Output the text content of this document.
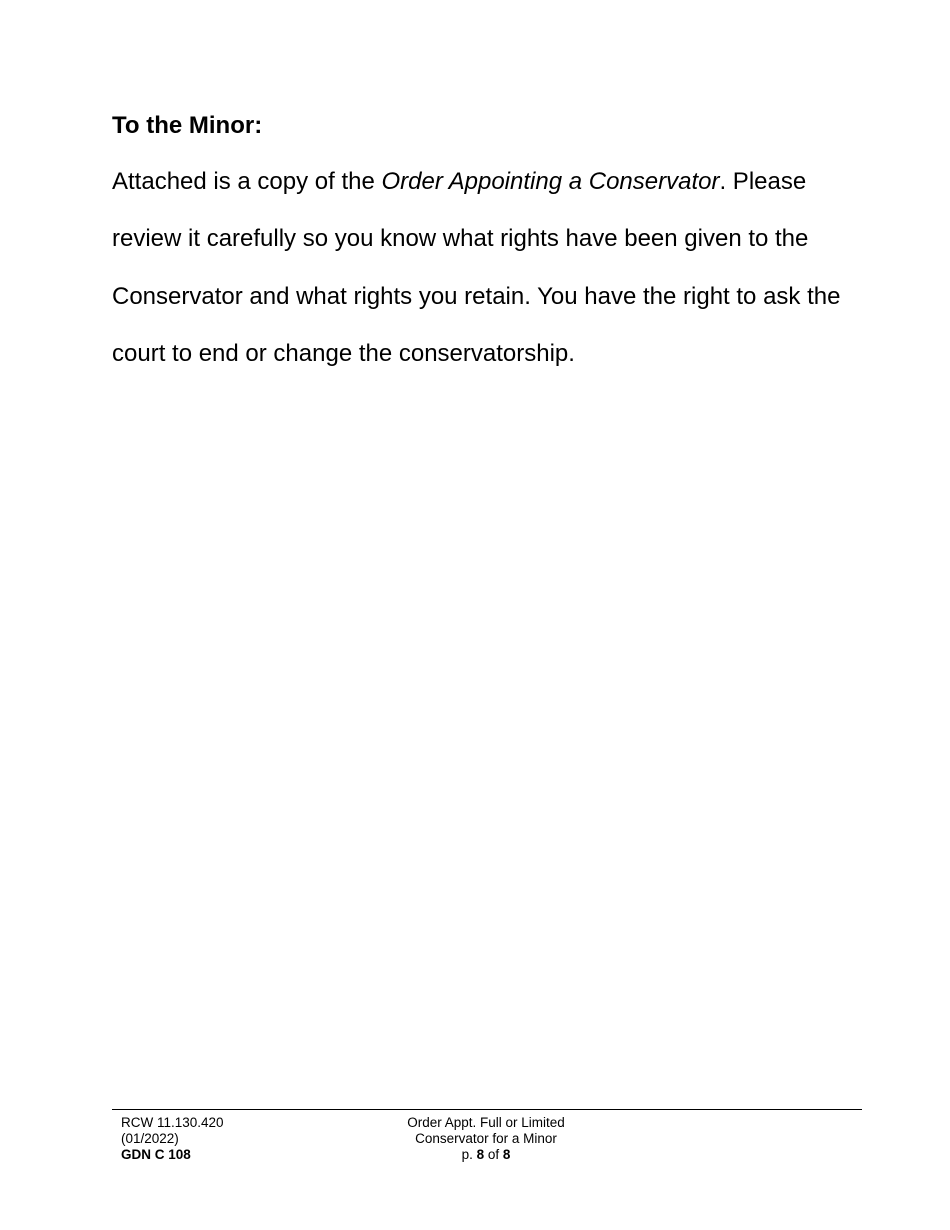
To the Minor:

Attached is a copy of the Order Appointing a Conservator. Please review it carefully so you know what rights have been given to the Conservator and what rights you retain. You have the right to ask the court to end or change the conservatorship.

RCW 11.130.420
(01/2022)
GDN C 108
Order Appt. Full or Limited
Conservator for a Minor
p. 8 of 8
